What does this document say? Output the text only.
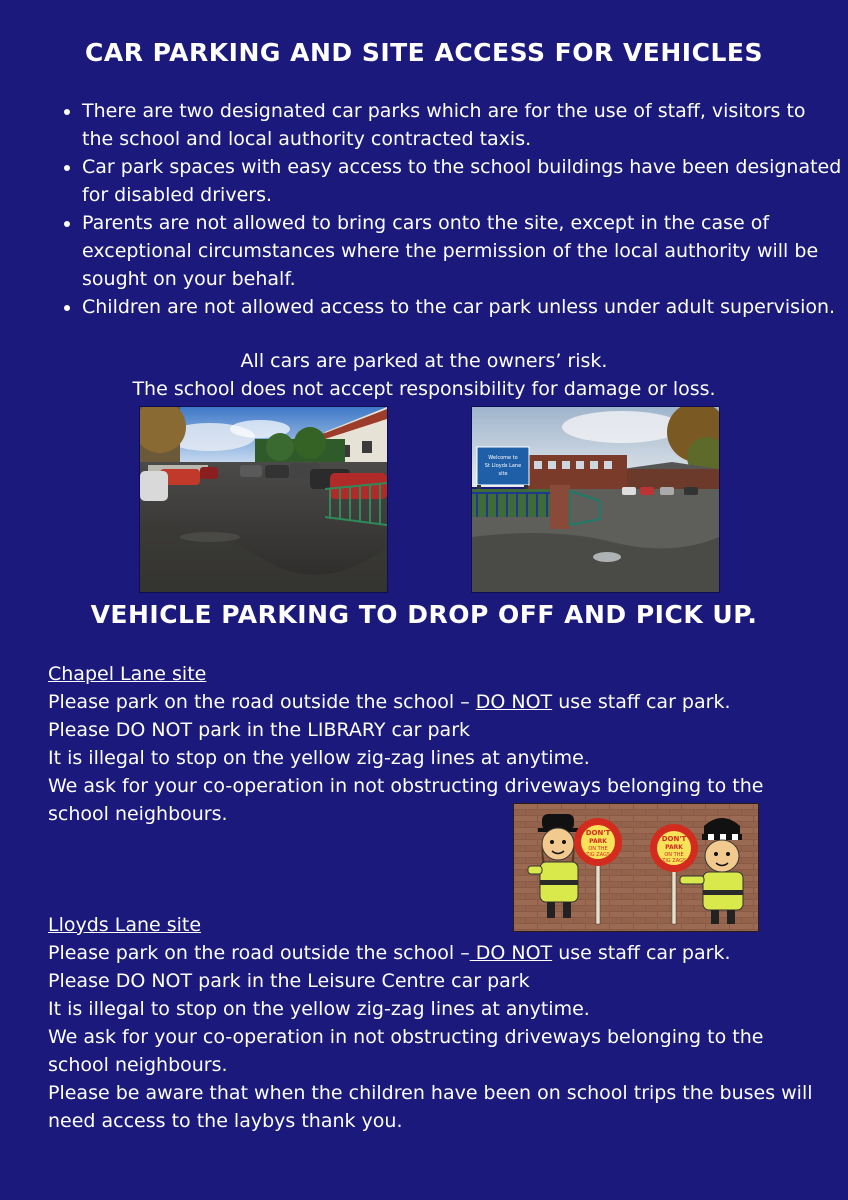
CAR PARKING AND SITE ACCESS FOR VEHICLES
• There are two designated car parks which are for the use of staff, visitors to the school and local authority contracted taxis.
• Car park spaces with easy access to the school buildings have been designated for disabled drivers.
• Parents are not allowed to bring cars onto the site, except in the case of exceptional circumstances where the permission of the local authority will be sought on your behalf.
• Children are not allowed access to the car park unless under adult supervision.
All cars are parked at the owners’ risk.
The school does not accept responsibility for damage or loss.
Welcome to
St Lloyds Lane
site
VEHICLE PARKING TO DROP OFF AND PICK UP.
Chapel Lane site
Please park on the road outside the school – DO NOT use staff car park.
Please DO NOT park in the LIBRARY car park
It is illegal to stop on the yellow zig-zag lines at anytime.
We ask for your co-operation in not obstructing driveways belonging to the school neighbours.
DON'T
PARK
ON THE
ZIG ZAGS
DON'T
PARK
ON THE
ZIG ZAGS
Lloyds Lane site
Please park on the road outside the school – DO NOT use staff car park.
Please DO NOT park in the Leisure Centre car park
It is illegal to stop on the yellow zig-zag lines at anytime.
We ask for your co-operation in not obstructing driveways belonging to the school neighbours.
Please be aware that when the children have been on school trips the buses will need access to the laybys thank you.
